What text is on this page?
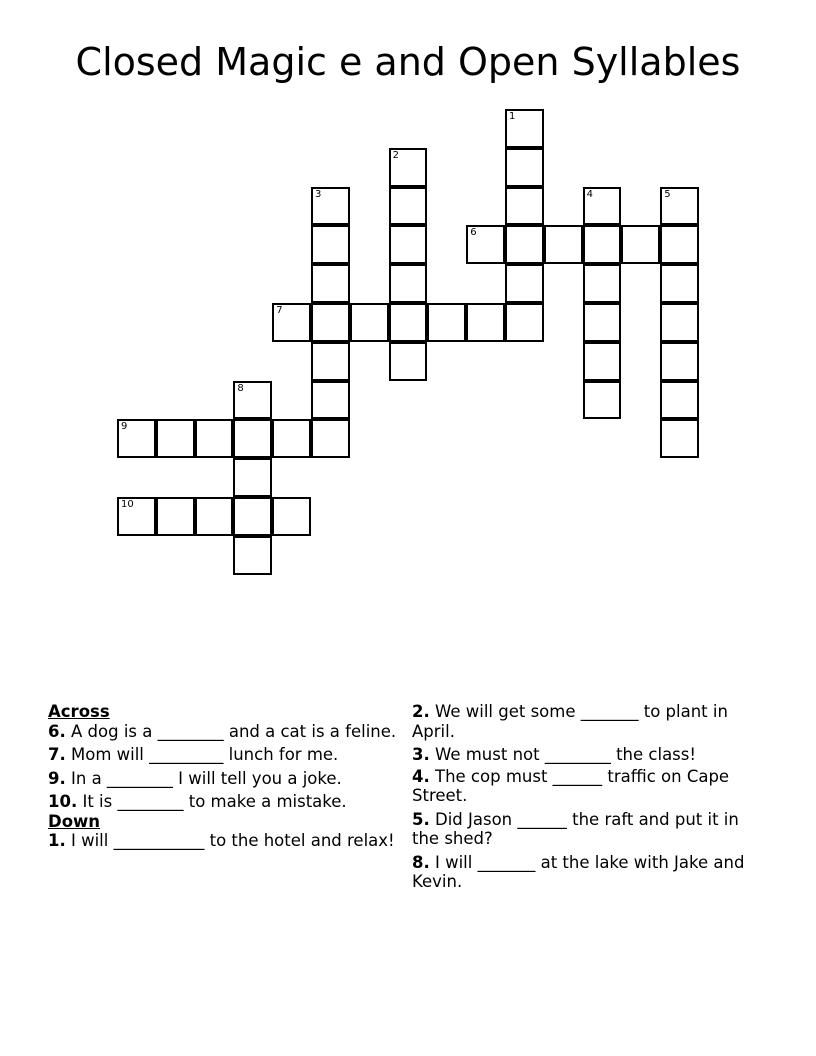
Closed Magic e and Open Syllables
1
2
3	4	5
6
7
8
9
10
Across
6. A dog is a ________ and a cat is a feline.
7. Mom will _________ lunch for me.
9. In a ________ I will tell you a joke.
10. It is ________ to make a mistake.
Down
1. I will ___________ to the hotel and relax!
2. We will get some _______ to plant in April.
3. We must not ________ the class!
4. The cop must ______ traffic on Cape Street.
5. Did Jason ______ the raft and put it in the shed?
8. I will _______ at the lake with Jake and Kevin.
